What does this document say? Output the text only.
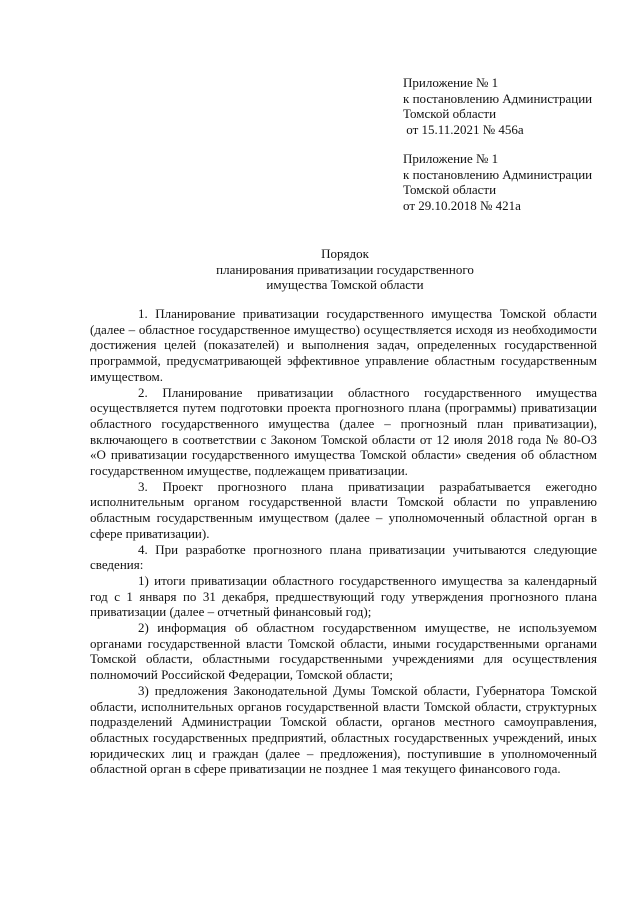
Приложение № 1
к постановлению Администрации
Томской области
от 15.11.2021 № 456а
Приложение № 1
к постановлению Администрации
Томской области
от 29.10.2018 № 421а
Порядок
планирования приватизации государственного
имущества Томской области

1. Планирование приватизации государственного имущества Томской области (далее – областное государственное имущество) осуществляется исходя из необходимости достижения целей (показателей) и выполнения задач, определенных государственной программой, предусматривающей эффективное управление областным государственным имуществом.

2. Планирование приватизации областного государственного имущества осуществляется путем подготовки проекта прогнозного плана (программы) приватизации областного государственного имущества (далее – прогнозный план приватизации), включающего в соответствии с Законом Томской области от 12 июля 2018 года № 80-ОЗ «О приватизации государственного имущества Томской области» сведения об областном государственном имуществе, подлежащем приватизации.

3. Проект прогнозного плана приватизации разрабатывается ежегодно исполнительным органом государственной власти Томской области по управлению областным государственным имуществом (далее – уполномоченный областной орган в сфере приватизации).

4. При разработке прогнозного плана приватизации учитываются следующие сведения:

1) итоги приватизации областного государственного имущества за календарный год с 1 января по 31 декабря, предшествующий году утверждения прогнозного плана приватизации (далее – отчетный финансовый год);

2) информация об областном государственном имуществе, не используемом органами государственной власти Томской области, иными государственными органами Томской области, областными государственными учреждениями для осуществления полномочий Российской Федерации, Томской области;

3) предложения Законодательной Думы Томской области, Губернатора Томской области, исполнительных органов государственной власти Томской области, структурных подразделений Администрации Томской области, органов местного самоуправления, областных государственных предприятий, областных государственных учреждений, иных юридических лиц и граждан (далее – предложения), поступившие в уполномоченный областной орган в сфере приватизации не позднее 1 мая текущего финансового года.
